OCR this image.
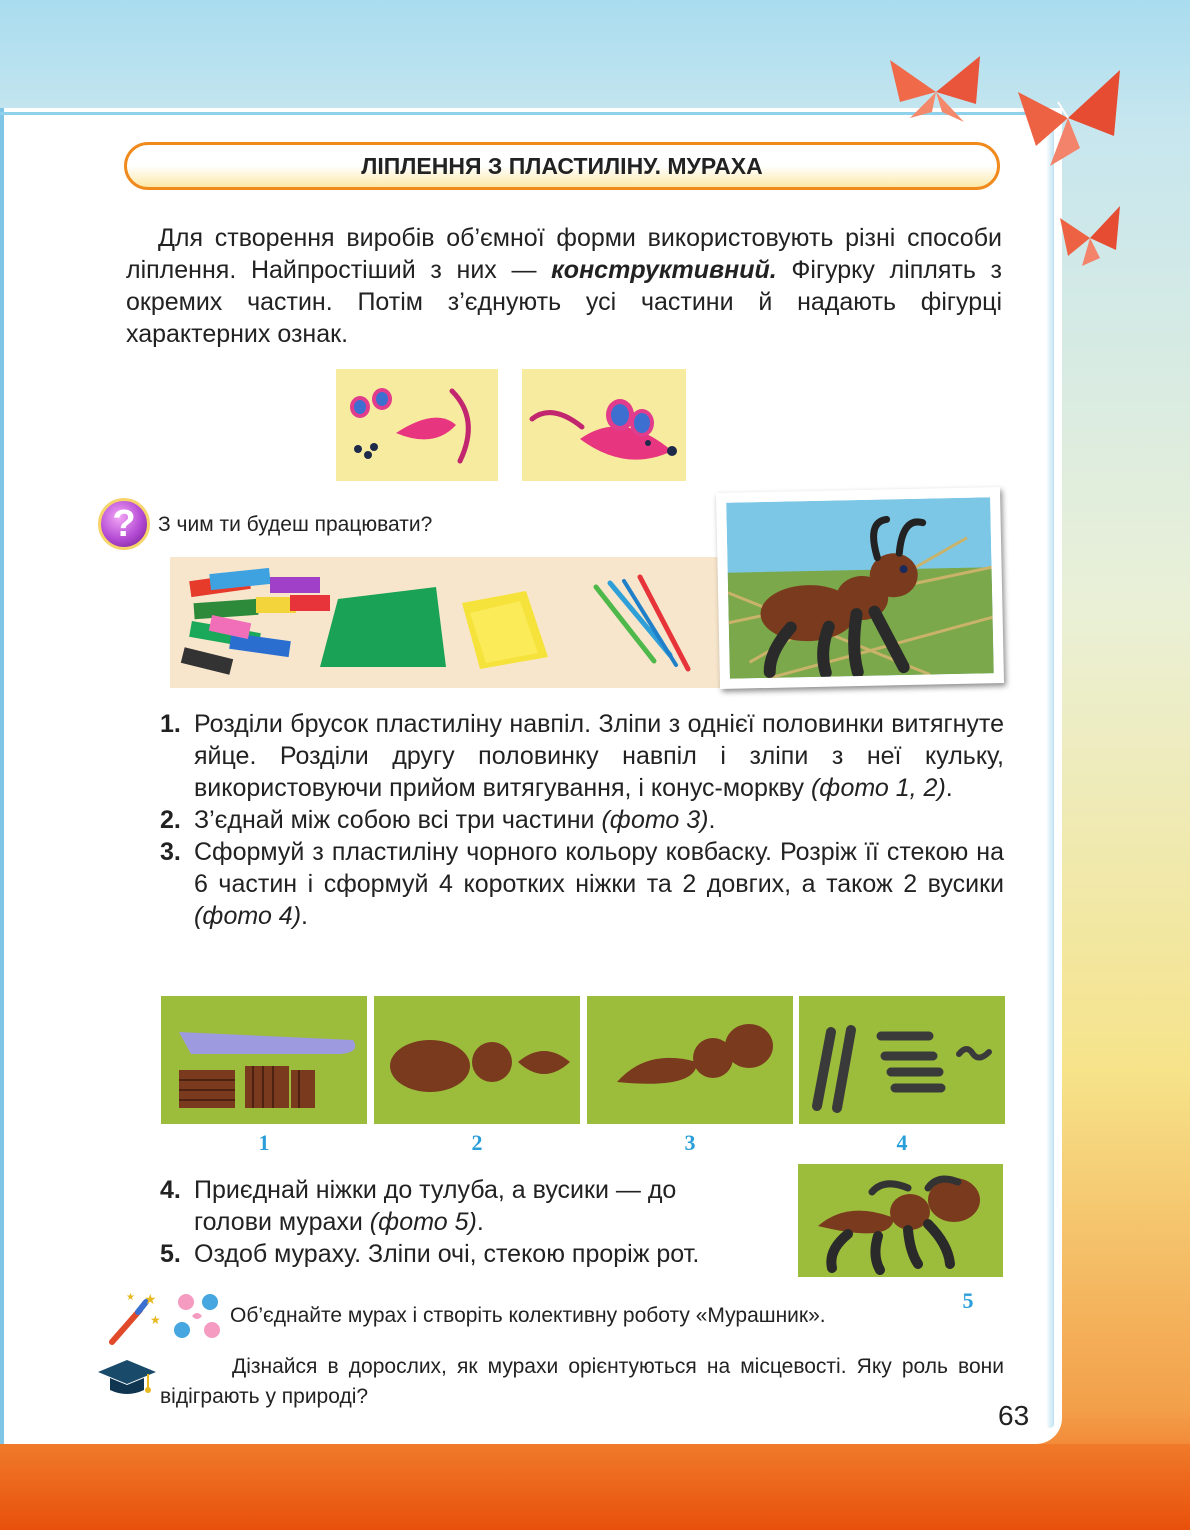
ЛІПЛЕННЯ З ПЛАСТИЛІНУ. МУРАХА

Для створення виробів об’ємної форми використовують різні способи ліплення. Найпростіший з них — конструктивний. Фігурку ліплять з окремих частин. Потім з’єднують усі частини й надають фігурці характерних ознак.

?	З чим ти будеш працювати?
1. Розділи брусок пластиліну навпіл. Зліпи з однієї половинки витягнуте яйце. Розділи другу половинку навпіл і зліпи з неї кульку, використовуючи прийом витягування, і конус-моркву (фото 1, 2).
2. З’єднай між собою всі три частини (фото 3).
3. Сформуй з пластиліну чорного кольору ковбаску. Розріж її стекою на 6 частин і сформуй 4 коротких ніжки та 2 довгих, а також 2 вусики (фото 4).
1	2	3	4
4. Приєднай ніжки до тулуба, а вусики — до голови мурахи (фото 5).
5. Оздоб мураху. Зліпи очі, стекою проріж рот.
5
★
★
★	Об’єднайте мурах і створіть колективну роботу «Мурашник».
Дізнайся в дорослих, як мурахи орієнтуються на місцевості. Яку роль вони відіграють у природі?
63
